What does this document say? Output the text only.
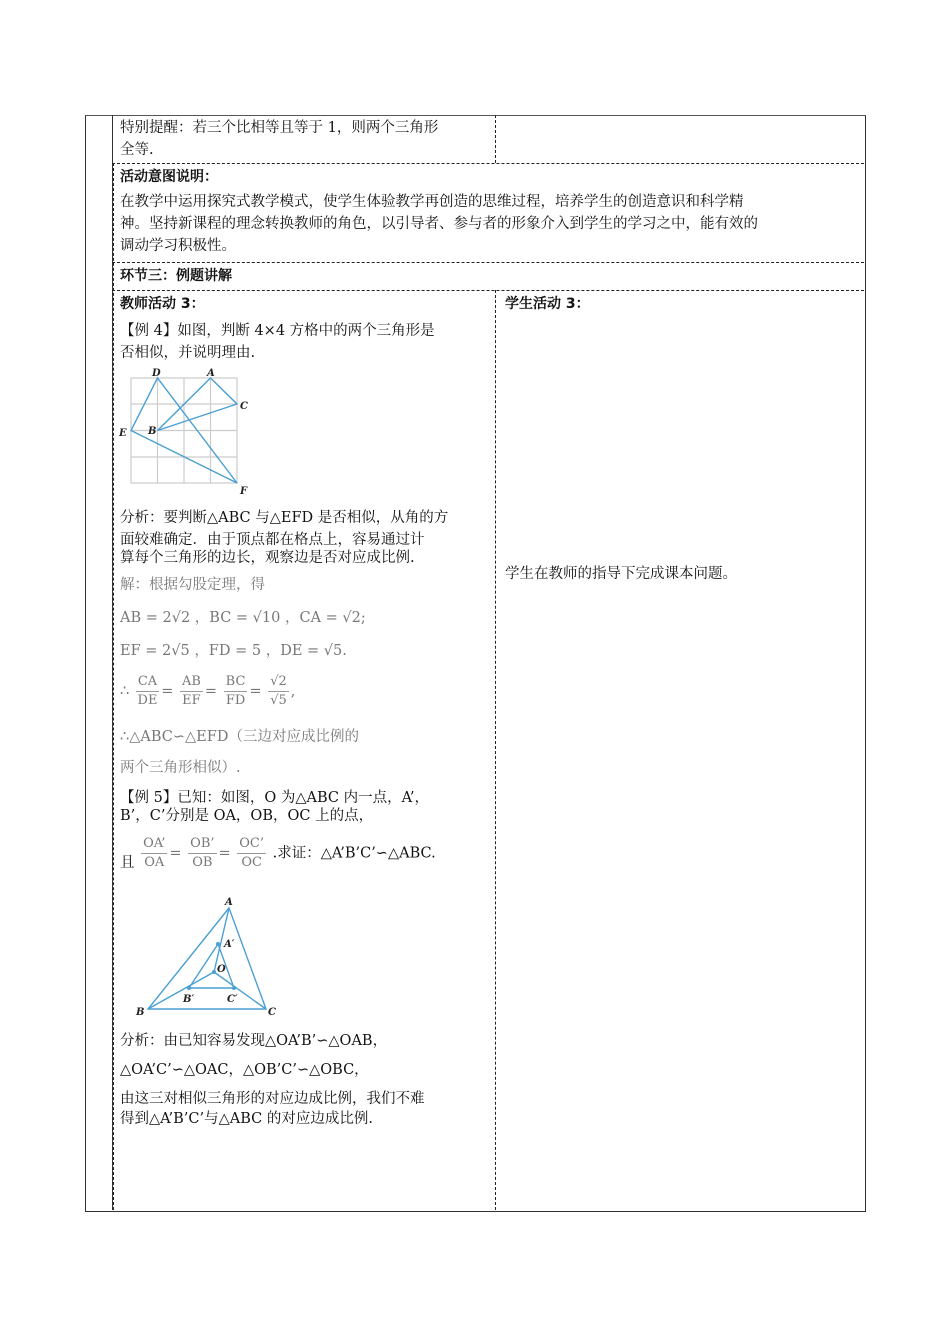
特别提醒：若三个比相等且等于 1，则两个三角形
全等.
活动意图说明：
在教学中运用探究式教学模式，使学生体验教学再创造的思维过程，培养学生的创造意识和科学精
神。坚持新课程的理念转换教师的角色，以引导者、参与者的形象介入到学生的学习之中，能有效的
调动学习积极性。
环节三：例题讲解
教师活动 3：
【例 4】如图，判断 4×4 方格中的两个三角形是
否相似，并说明理由.
D	A
C
E B
F
分析：要判断△ABC 与△EFD 是否相似，从角的方
面较难确定．由于顶点都在格点上，容易通过计
算每个三角形的边长，观察边是否对应成比例.
解：根据勾股定理，得
AB = 2√2 ，BC = √10 ，CA = √2;
EF = 2√5 ，FD = 5 ，DE = √5.
∴ $\frac{CA}{DE} = \frac{AB}{EF} = \frac{BC}{FD} = \frac{√2}{√5}$ ,
∴△ABC∽△EFD（三边对应成比例的
两个三角形相似）.
【例 5】已知：如图，O 为△ABC 内一点，A’，
B’，C’分别是 OA，OB，OC 上的点，
且 $\frac{OA’}{OA} = \frac{OB’}{OB} = \frac{OC’}{OC}$ .求证：△A’B’C’∽△ABC.
A
A′
O
B′	C′
B	C
分析：由已知容易发现△OA’B’∽△OAB，
△OA’C’∽△OAC，△OB’C’∽△OBC，
由这三对相似三角形的对应边成比例，我们不难
得到△A’B’C’与△ABC 的对应边成比例.
学生活动 3：
学生在教师的指导下完成课本问题。
